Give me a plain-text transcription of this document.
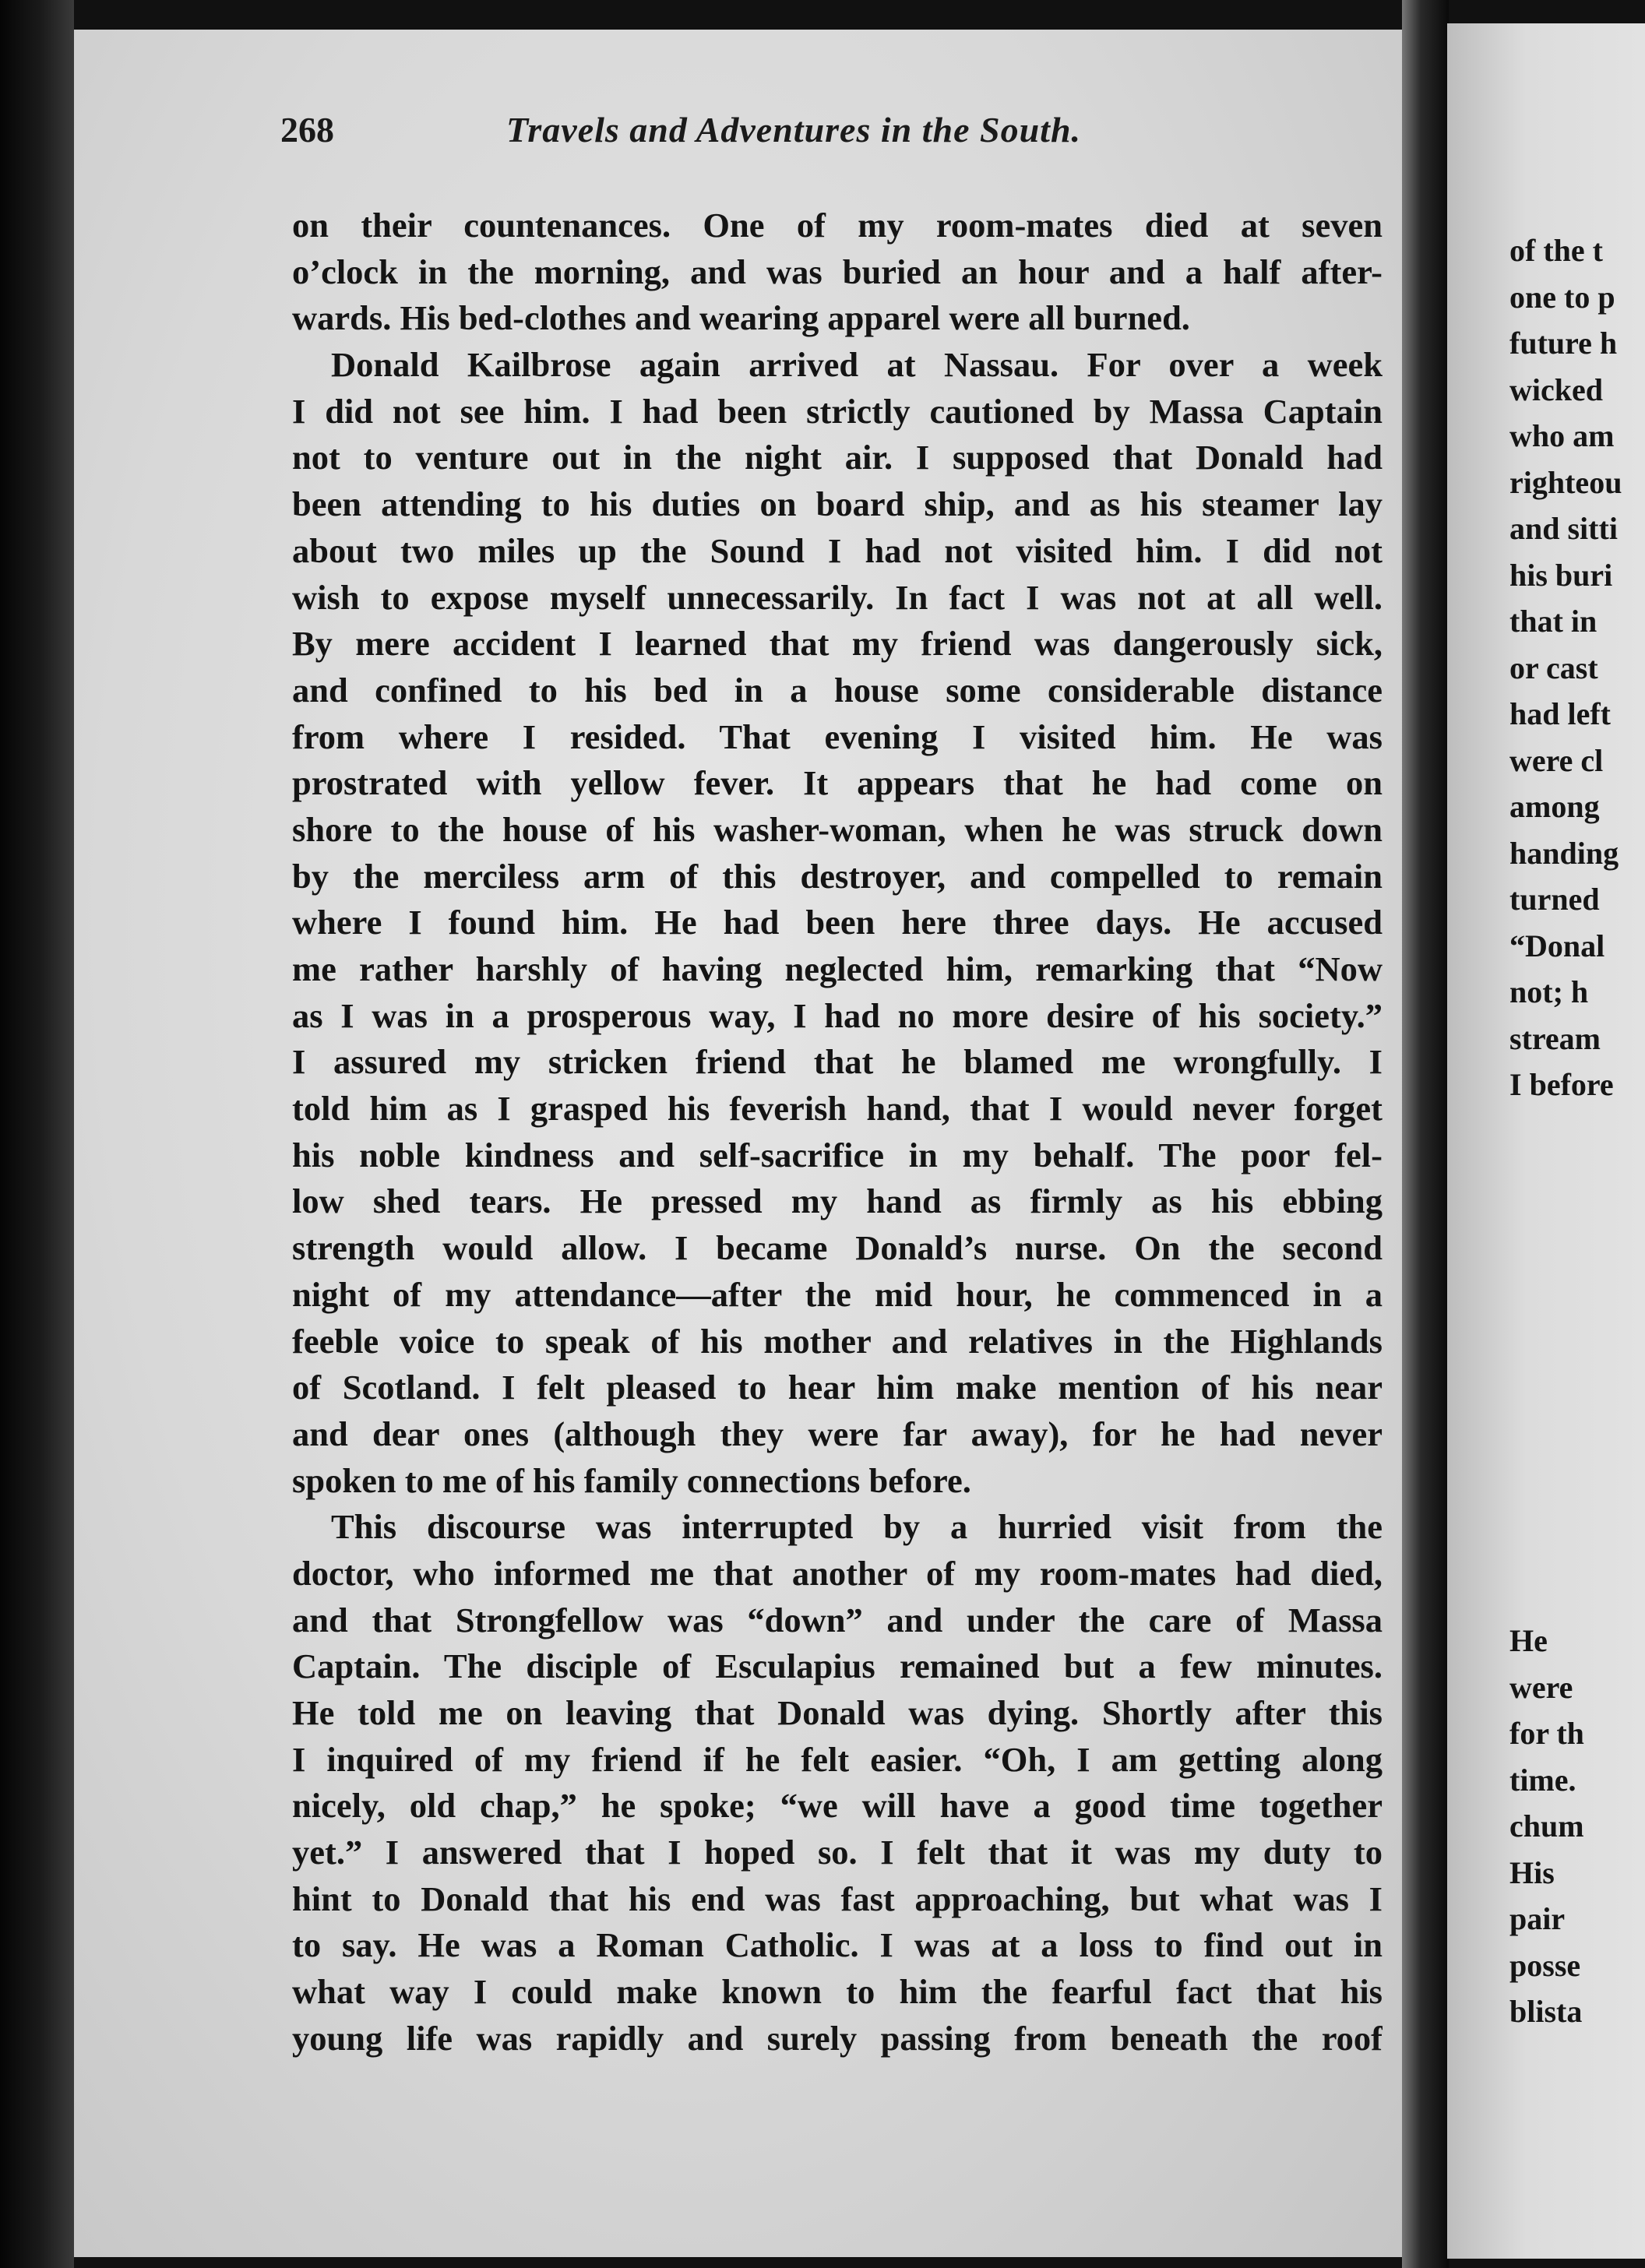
268	Travels and Adventures in the South.
on their countenances. One of my room-mates died at seven
o’clock in the morning, and was buried an hour and a half after-
wards. His bed-clothes and wearing apparel were all burned.
Donald Kailbrose again arrived at Nassau. For over a week
I did not see him. I had been strictly cautioned by Massa Captain
not to venture out in the night air. I supposed that Donald had
been attending to his duties on board ship, and as his steamer lay
about two miles up the Sound I had not visited him. I did not
wish to expose myself unnecessarily. In fact I was not at all well.
By mere accident I learned that my friend was dangerously sick,
and confined to his bed in a house some considerable distance
from where I resided. That evening I visited him. He was
prostrated with yellow fever. It appears that he had come on
shore to the house of his washer-woman, when he was struck down
by the merciless arm of this destroyer, and compelled to remain
where I found him. He had been here three days. He accused
me rather harshly of having neglected him, remarking that “Now
as I was in a prosperous way, I had no more desire of his society.”
I assured my stricken friend that he blamed me wrongfully. I
told him as I grasped his feverish hand, that I would never forget
his noble kindness and self-sacrifice in my behalf. The poor fel-
low shed tears. He pressed my hand as firmly as his ebbing
strength would allow. I became Donald’s nurse. On the second
night of my attendance—after the mid hour, he commenced in a
feeble voice to speak of his mother and relatives in the Highlands
of Scotland. I felt pleased to hear him make mention of his near
and dear ones (although they were far away), for he had never
spoken to me of his family connections before.
This discourse was interrupted by a hurried visit from the
doctor, who informed me that another of my room-mates had died,
and that Strongfellow was “down” and under the care of Massa
Captain. The disciple of Esculapius remained but a few minutes.
He told me on leaving that Donald was dying. Shortly after this
I inquired of my friend if he felt easier. “Oh, I am getting along
nicely, old chap,” he spoke; “we will have a good time together
yet.” I answered that I hoped so. I felt that it was my duty to
hint to Donald that his end was fast approaching, but what was I
to say. He was a Roman Catholic. I was at a loss to find out in
what way I could make known to him the fearful fact that his
young life was rapidly and surely passing from beneath the roof
of the t
one to p
future h
wicked
who am
righteou
and sitti
his buri
that in
or cast
had left
were cl
among
handing
turned
“Donal
not; h
stream
I before
He
were
for th
time.
chum
His
pair
posse
blista
